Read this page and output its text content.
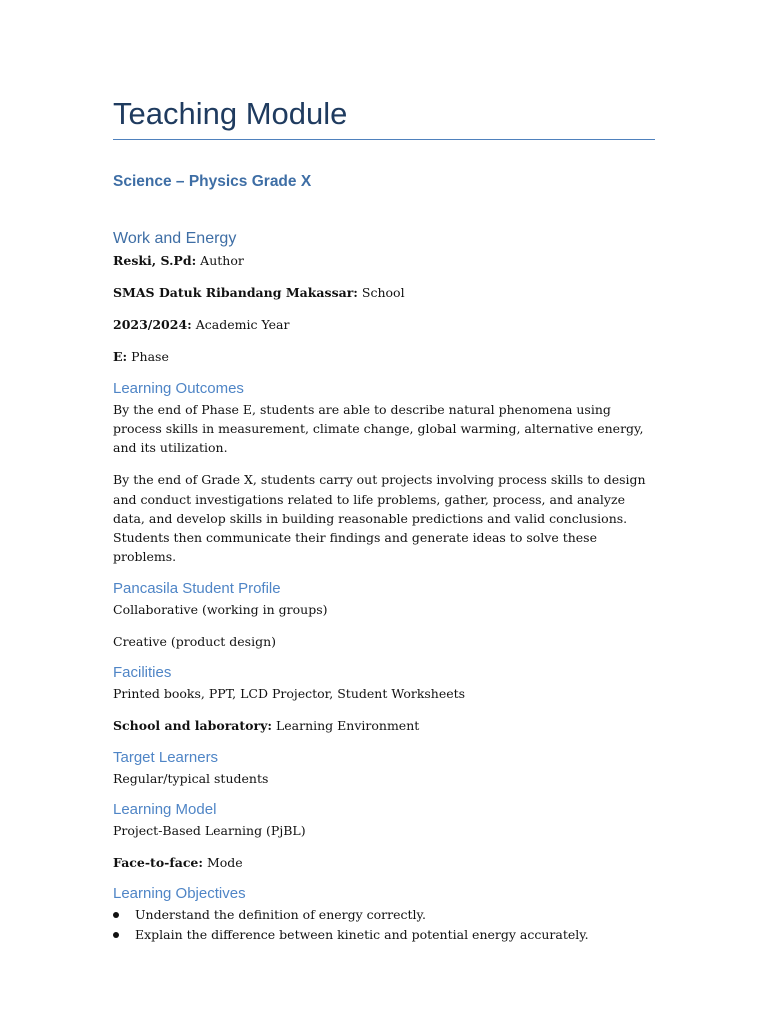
Teaching Module
Science – Physics Grade X
Work and Energy

Reski, S.Pd: Author

SMAS Datuk Ribandang Makassar: School

2023/2024: Academic Year

E: Phase

Learning Outcomes

By the end of Phase E, students are able to describe natural phenomena using process skills in measurement, climate change, global warming, alternative energy, and its utilization.

By the end of Grade X, students carry out projects involving process skills to design and conduct investigations related to life problems, gather, process, and analyze data, and develop skills in building reasonable predictions and valid conclusions. Students then communicate their findings and generate ideas to solve these problems.

Pancasila Student Profile

Collaborative (working in groups)

Creative (product design)

Facilities

Printed books, PPT, LCD Projector, Student Worksheets

School and laboratory: Learning Environment

Target Learners

Regular/typical students

Learning Model

Project-Based Learning (PjBL)

Face-to-face: Mode

Learning Objectives
Understand the definition of energy correctly.
Explain the difference between kinetic and potential energy accurately.
